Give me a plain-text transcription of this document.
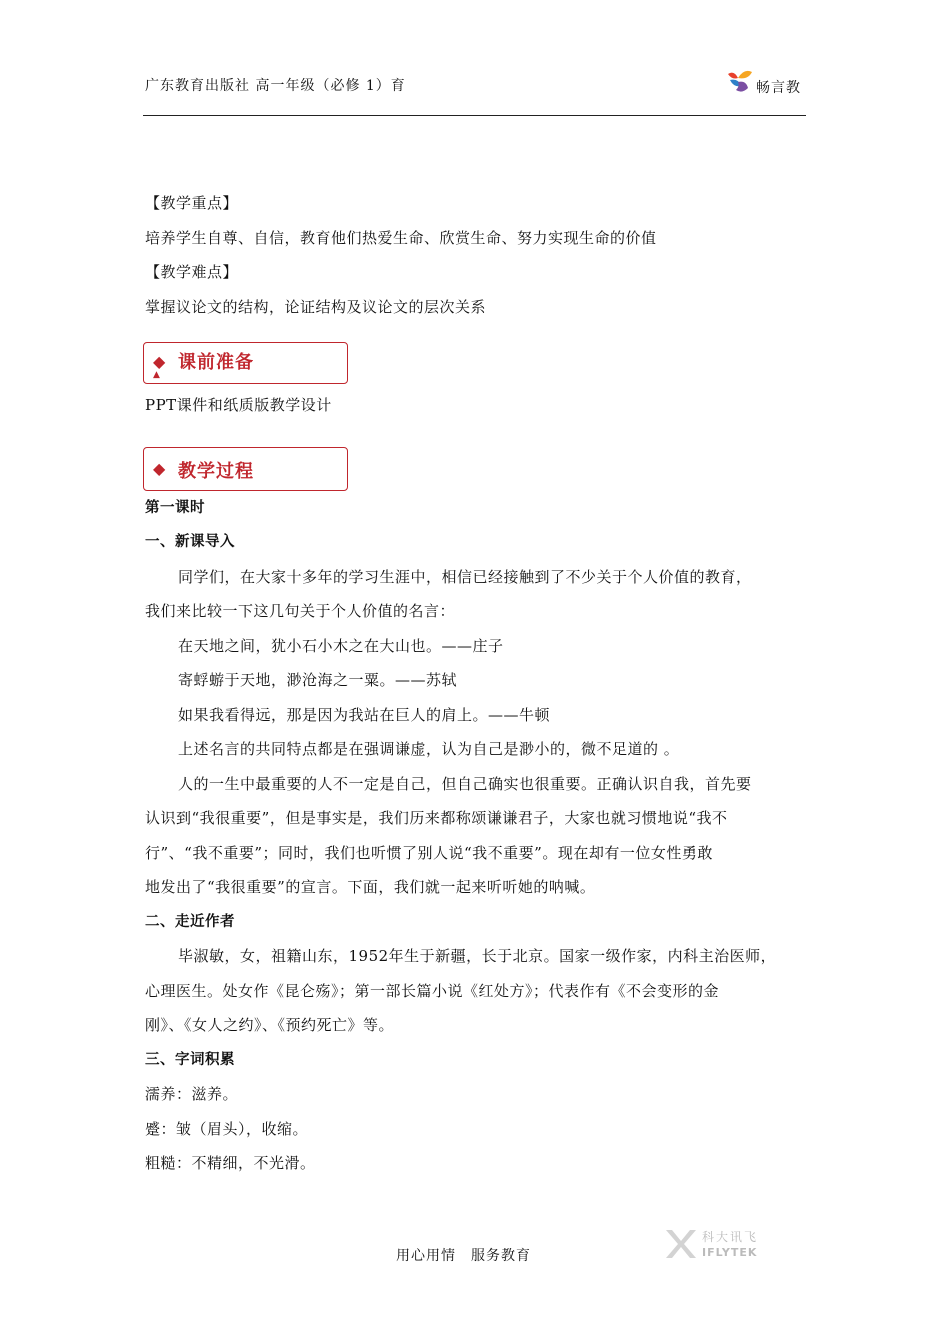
广东教育出版社 高一年级（必修 1）育	畅言教
【教学重点】
培养学生自尊、自信，教育他们热爱生命、欣赏生命、努力实现生命的价值
【教学难点】
掌握议论文的结构，论证结构及议论文的层次关系
◆ 课前准备
▲
PPT课件和纸质版教学设计
◆ 教学过程
第一课时
一、新课导入
同学们，在大家十多年的学习生涯中，相信已经接触到了不少关于个人价值的教育，
我们来比较一下这几句关于个人价值的名言：
在天地之间，犹小石小木之在大山也。——庄子
寄蜉蝣于天地，渺沧海之一粟。——苏轼
如果我看得远，那是因为我站在巨人的肩上。——牛顿
上述名言的共同特点都是在强调谦虚，认为自己是渺小的，微不足道的 。
人的一生中最重要的人不一定是自己，但自己确实也很重要。正确认识自我，首先要
认识到“我很重要”，但是事实是，我们历来都称颂谦谦君子，大家也就习惯地说“我不
行”、“我不重要”；同时，我们也听惯了别人说“我不重要”。现在却有一位女性勇敢
地发出了“我很重要”的宣言。下面，我们就一起来听听她的呐喊。
二、走近作者
毕淑敏，女，祖籍山东，1952年生于新疆，长于北京。国家一级作家，内科主治医师，
心理医生。处女作《昆仑殇》；第一部长篇小说《红处方》；代表作有《不会变形的金
刚》、《女人之约》、《预约死亡》等。
三、字词积累
濡养：滋养。
蹙：皱（眉头），收缩。
粗糙：不精细，不光滑。
用心用情　服务教育
科大讯飞
IFLYTEK
